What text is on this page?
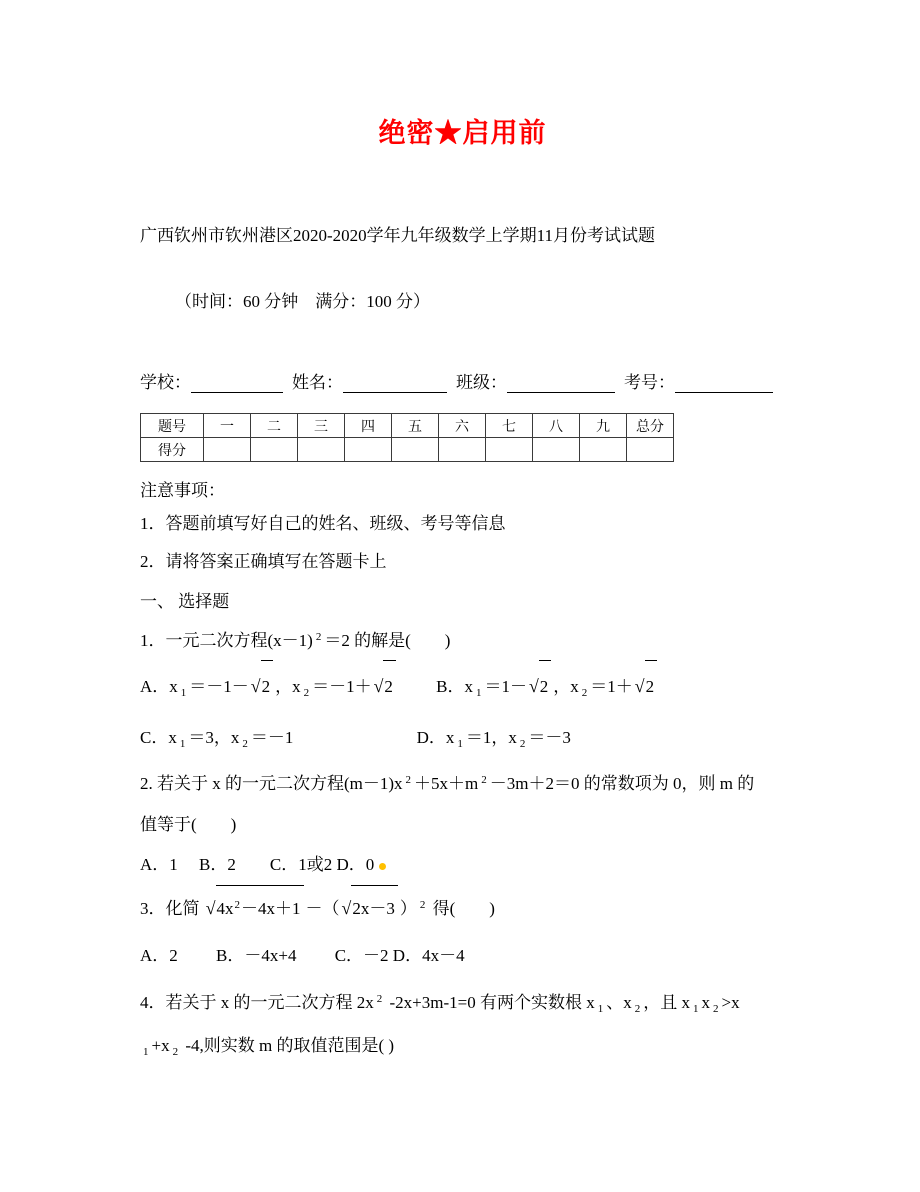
绝密★启用前
广西钦州市钦州港区2020-2020学年九年级数学上学期11月份考试试题
（时间：60 分钟　满分：100 分）
学校：	姓名：	班级：	考号：
题号	一	二	三	四	五	六	七	八	九	总分
得分										

注意事项：

1．答题前填写好自己的姓名、班级、考号等信息

2．请将答案正确填写在答题卡上

一、 选择题

1．一元二次方程(x－1) $^2$ ＝2 的解是(　　)

A．x $_1$ ＝－1－ √2 ，x $_2$ ＝－1＋ √2　　 B．x $_1$ ＝1－ √2 ，x $_2$ ＝1＋ √2

C．x $_1$ ＝3，x $_2$ ＝－1　　　　　　　 D．x $_1$ ＝1，x $_2$ ＝－3

2. 若关于 x 的一元二次方程(m－1)x $^2$ ＋5x＋m $^2$ －3m＋2＝0 的常数项为 0，则 m 的

值等于(　　)

A．1　 B．2　　C．1或2 D．0

3．化简 $√4x^2-4x+1$ －（ √2x－3 ） $^2$ 得(　　)

A．2　　 B．－4x+4　　 C．－2 D．4x－4

4．若关于 x 的一元二次方程 2x $^2$ -2x+3m-1=0 有两个实数根 x $_1$ 、x $_2$ ，且 x $_1$ x $_2$ >x

$_1$ +x $_2$ -4,则实数 m 的取值范围是( )
